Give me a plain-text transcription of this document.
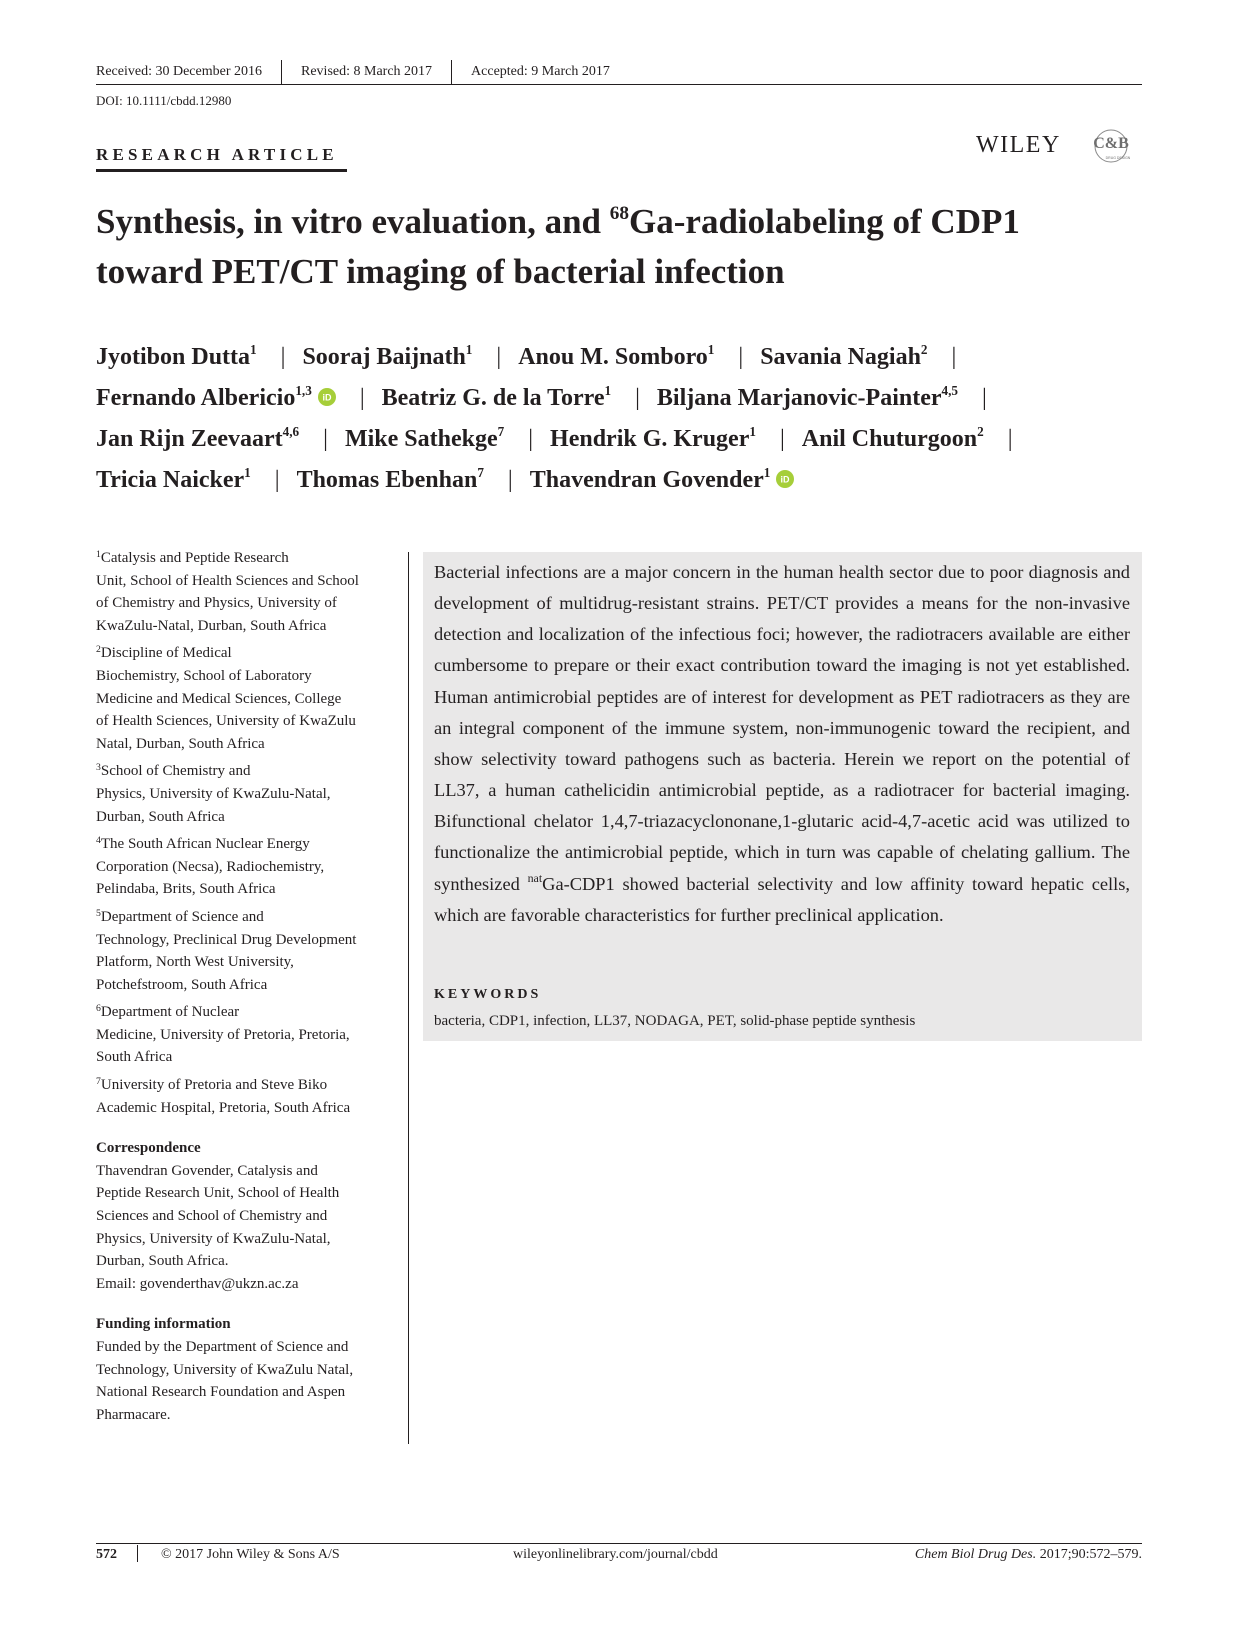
Received: 30 December 2016	Revised: 8 March 2017	Accepted: 9 March 2017
DOI: 10.1111/cbdd.12980
RESEARCH ARTICLE	WILEY C&B
DRUG DESIGN
Synthesis, in vitro evaluation, and $^{68}$Ga-radiolabeling of CDP1
toward PET/CT imaging of bacterial infection
Jyotibon Dutta$^1$ | Sooraj Baijnath$^1$ | Anou M. Somboro$^1$ | Savania Nagiah$^2$ |
Fernando Albericio$^{1,3}$ iD | Beatriz G. de la Torre$^1$ | Biljana Marjanovic-Painter$^{4,5}$ |
Jan Rijn Zeevaart$^{4,6}$ | Mike Sathekge$^7$ | Hendrik G. Kruger$^1$ | Anil Chuturgoon$^2$ |
Tricia Naicker$^1$ | Thomas Ebenhan$^7$ | Thavendran Govender$^1$ iD
$^1$Catalysis and Peptide Research
Unit, School of Health Sciences and School
of Chemistry and Physics, University of
KwaZulu-Natal, Durban, South Africa
$^2$Discipline of Medical
Biochemistry, School of Laboratory
Medicine and Medical Sciences, College
of Health Sciences, University of KwaZulu
Natal, Durban, South Africa
$^3$School of Chemistry and
Physics, University of KwaZulu-Natal,
Durban, South Africa
$^4$The South African Nuclear Energy
Corporation (Necsa), Radiochemistry,
Pelindaba, Brits, South Africa
$^5$Department of Science and
Technology, Preclinical Drug Development
Platform, North West University,
Potchefstroom, South Africa
$^6$Department of Nuclear
Medicine, University of Pretoria, Pretoria,
South Africa
$^7$University of Pretoria and Steve Biko
Academic Hospital, Pretoria, South Africa
Correspondence
Thavendran Govender, Catalysis and
Peptide Research Unit, School of Health
Sciences and School of Chemistry and
Physics, University of KwaZulu-Natal,
Durban, South Africa.
Email: govenderthav@ukzn.ac.za
Funding information
Funded by the Department of Science and
Technology, University of KwaZulu Natal,
National Research Foundation and Aspen
Pharmacare.
Bacterial infections are a major concern in the human health sector due to poor diagnosis and development of multidrug-resistant strains. PET/CT provides a means for the non-invasive detection and localization of the infectious foci; however, the radiotracers available are either cumbersome to prepare or their exact contribution toward the imaging is not yet established. Human antimicrobial peptides are of interest for development as PET radiotracers as they are an integral component of the immune system, non-immunogenic toward the recipient, and show selectivity toward pathogens such as bacteria. Herein we report on the potential of LL37, a human cathelicidin antimicrobial peptide, as a radiotracer for bacterial imaging. Bifunctional chelator 1,4,7-triazacyclononane,1-glutaric acid-4,7-acetic acid was utilized to functionalize the antimicrobial peptide, which in turn was capable of chelating gallium. The synthesized $^{nat}$Ga-CDP1 showed bacterial selectivity and low affinity toward hepatic cells, which are favorable characteristics for further preclinical application.
KEYWORDS
bacteria, CDP1, infection, LL37, NODAGA, PET, solid-phase peptide synthesis
572	© 2017 John Wiley & Sons A/S	wileyonlinelibrary.com/journal/cbdd	Chem Biol Drug Des. 2017;90:572–579.
